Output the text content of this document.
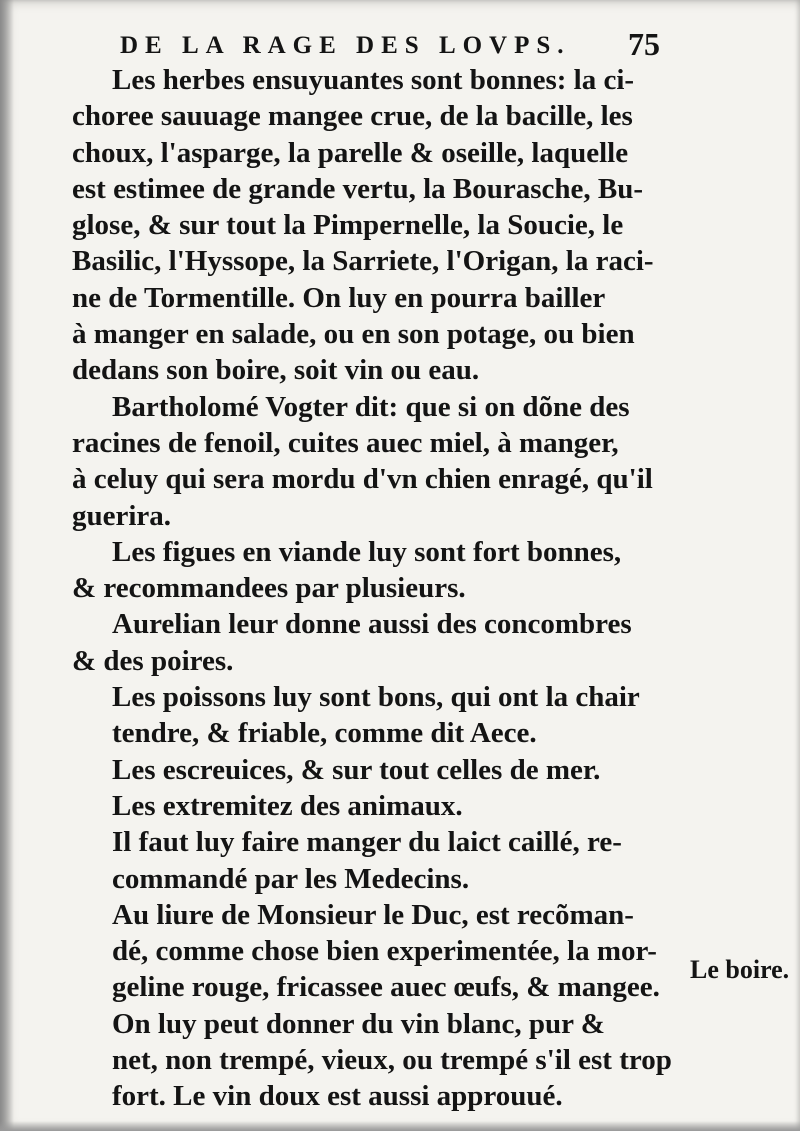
DE LA RAGE DES LOVPS. 75
Les herbes ensuyuantes sont bonnes: la ci-
choree sauuage mangee crue, de la bacille, les
choux, l'asparge, la parelle & oseille, laquelle
est estimee de grande vertu, la Bourasche, Bu-
glose, & sur tout la Pimpernelle, la Soucie, le
Basilic, l'Hyssope, la Sarriete, l'Origan, la raci-
ne de Tormentille. On luy en pourra bailler
à manger en salade, ou en son potage, ou bien
dedans son boire, soit vin ou eau.
Bartholomé Vogter dit: que si on dõne des
racines de fenoil, cuites auec miel, à manger,
à celuy qui sera mordu d'vn chien enragé, qu'il
guerira.
Les figues en viande luy sont fort bonnes,
& recommandees par plusieurs.
Aurelian leur donne aussi des concombres
& des poires.
Les poissons luy sont bons, qui ont la chair
tendre, & friable, comme dit Aece.
Les escreuices, & sur tout celles de mer.
Les extremitez des animaux.
Il faut luy faire manger du laict caillé, re-
commandé par les Medecins.
Au liure de Monsieur le Duc, est recõman-
dé, comme chose bien experimentée, la mor-
geline rouge, fricassee auec œufs, & mangee.
On luy peut donner du vin blanc, pur &
net, non trempé, vieux, ou trempé s'il est trop
fort. Le vin doux est aussi approuué.
Le boire.
